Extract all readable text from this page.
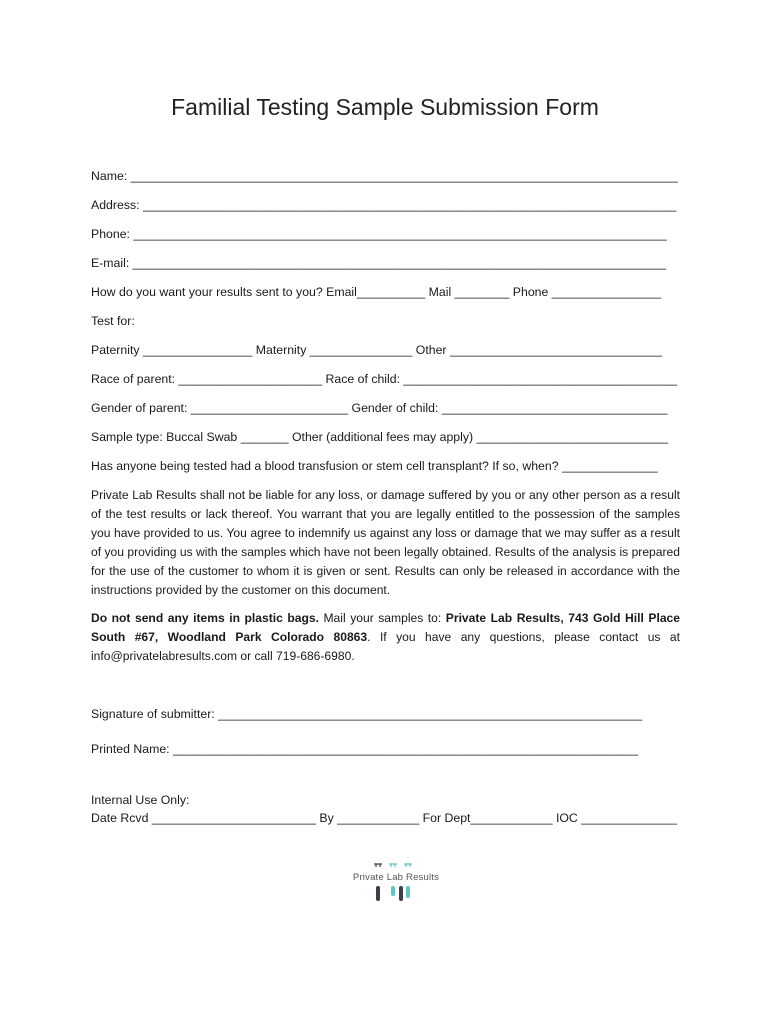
Familial Testing Sample Submission Form
Name: ________________________________________________________________________________
Address: ______________________________________________________________________________
Phone: ______________________________________________________________________________
E-mail: ______________________________________________________________________________
How do you want your results sent to you? Email__________ Mail ________ Phone ________________
Test for:
Paternity ________________ Maternity _______________ Other _______________________________
Race of parent: _____________________ Race of child: ________________________________________
Gender of parent: _______________________ Gender of child: _________________________________
Sample type: Buccal Swab _______ Other (additional fees may apply) ____________________________
Has anyone being tested had a blood transfusion or stem cell transplant? If so, when? ______________
Private Lab Results shall not be liable for any loss, or damage suffered by you or any other person as a result of the test results or lack thereof. You warrant that you are legally entitled to the possession of the samples you have provided to us. You agree to indemnify us against any loss or damage that we may suffer as a result of you providing us with the samples which have not been legally obtained. Results of the analysis is prepared for the use of the customer to whom it is given or sent. Results can only be released in accordance with the instructions provided by the customer on this document.
Do not send any items in plastic bags. Mail your samples to: Private Lab Results, 743 Gold Hill Place South #67, Woodland Park Colorado 80863. If you have any questions, please contact us at info@privatelabresults.com or call 719-686-6980.
Signature of submitter: ______________________________________________________________
Printed Name: ____________________________________________________________________
Internal Use Only:
Date Rcvd ________________________ By ____________ For Dept____________ IOC ______________
Private Lab Results
